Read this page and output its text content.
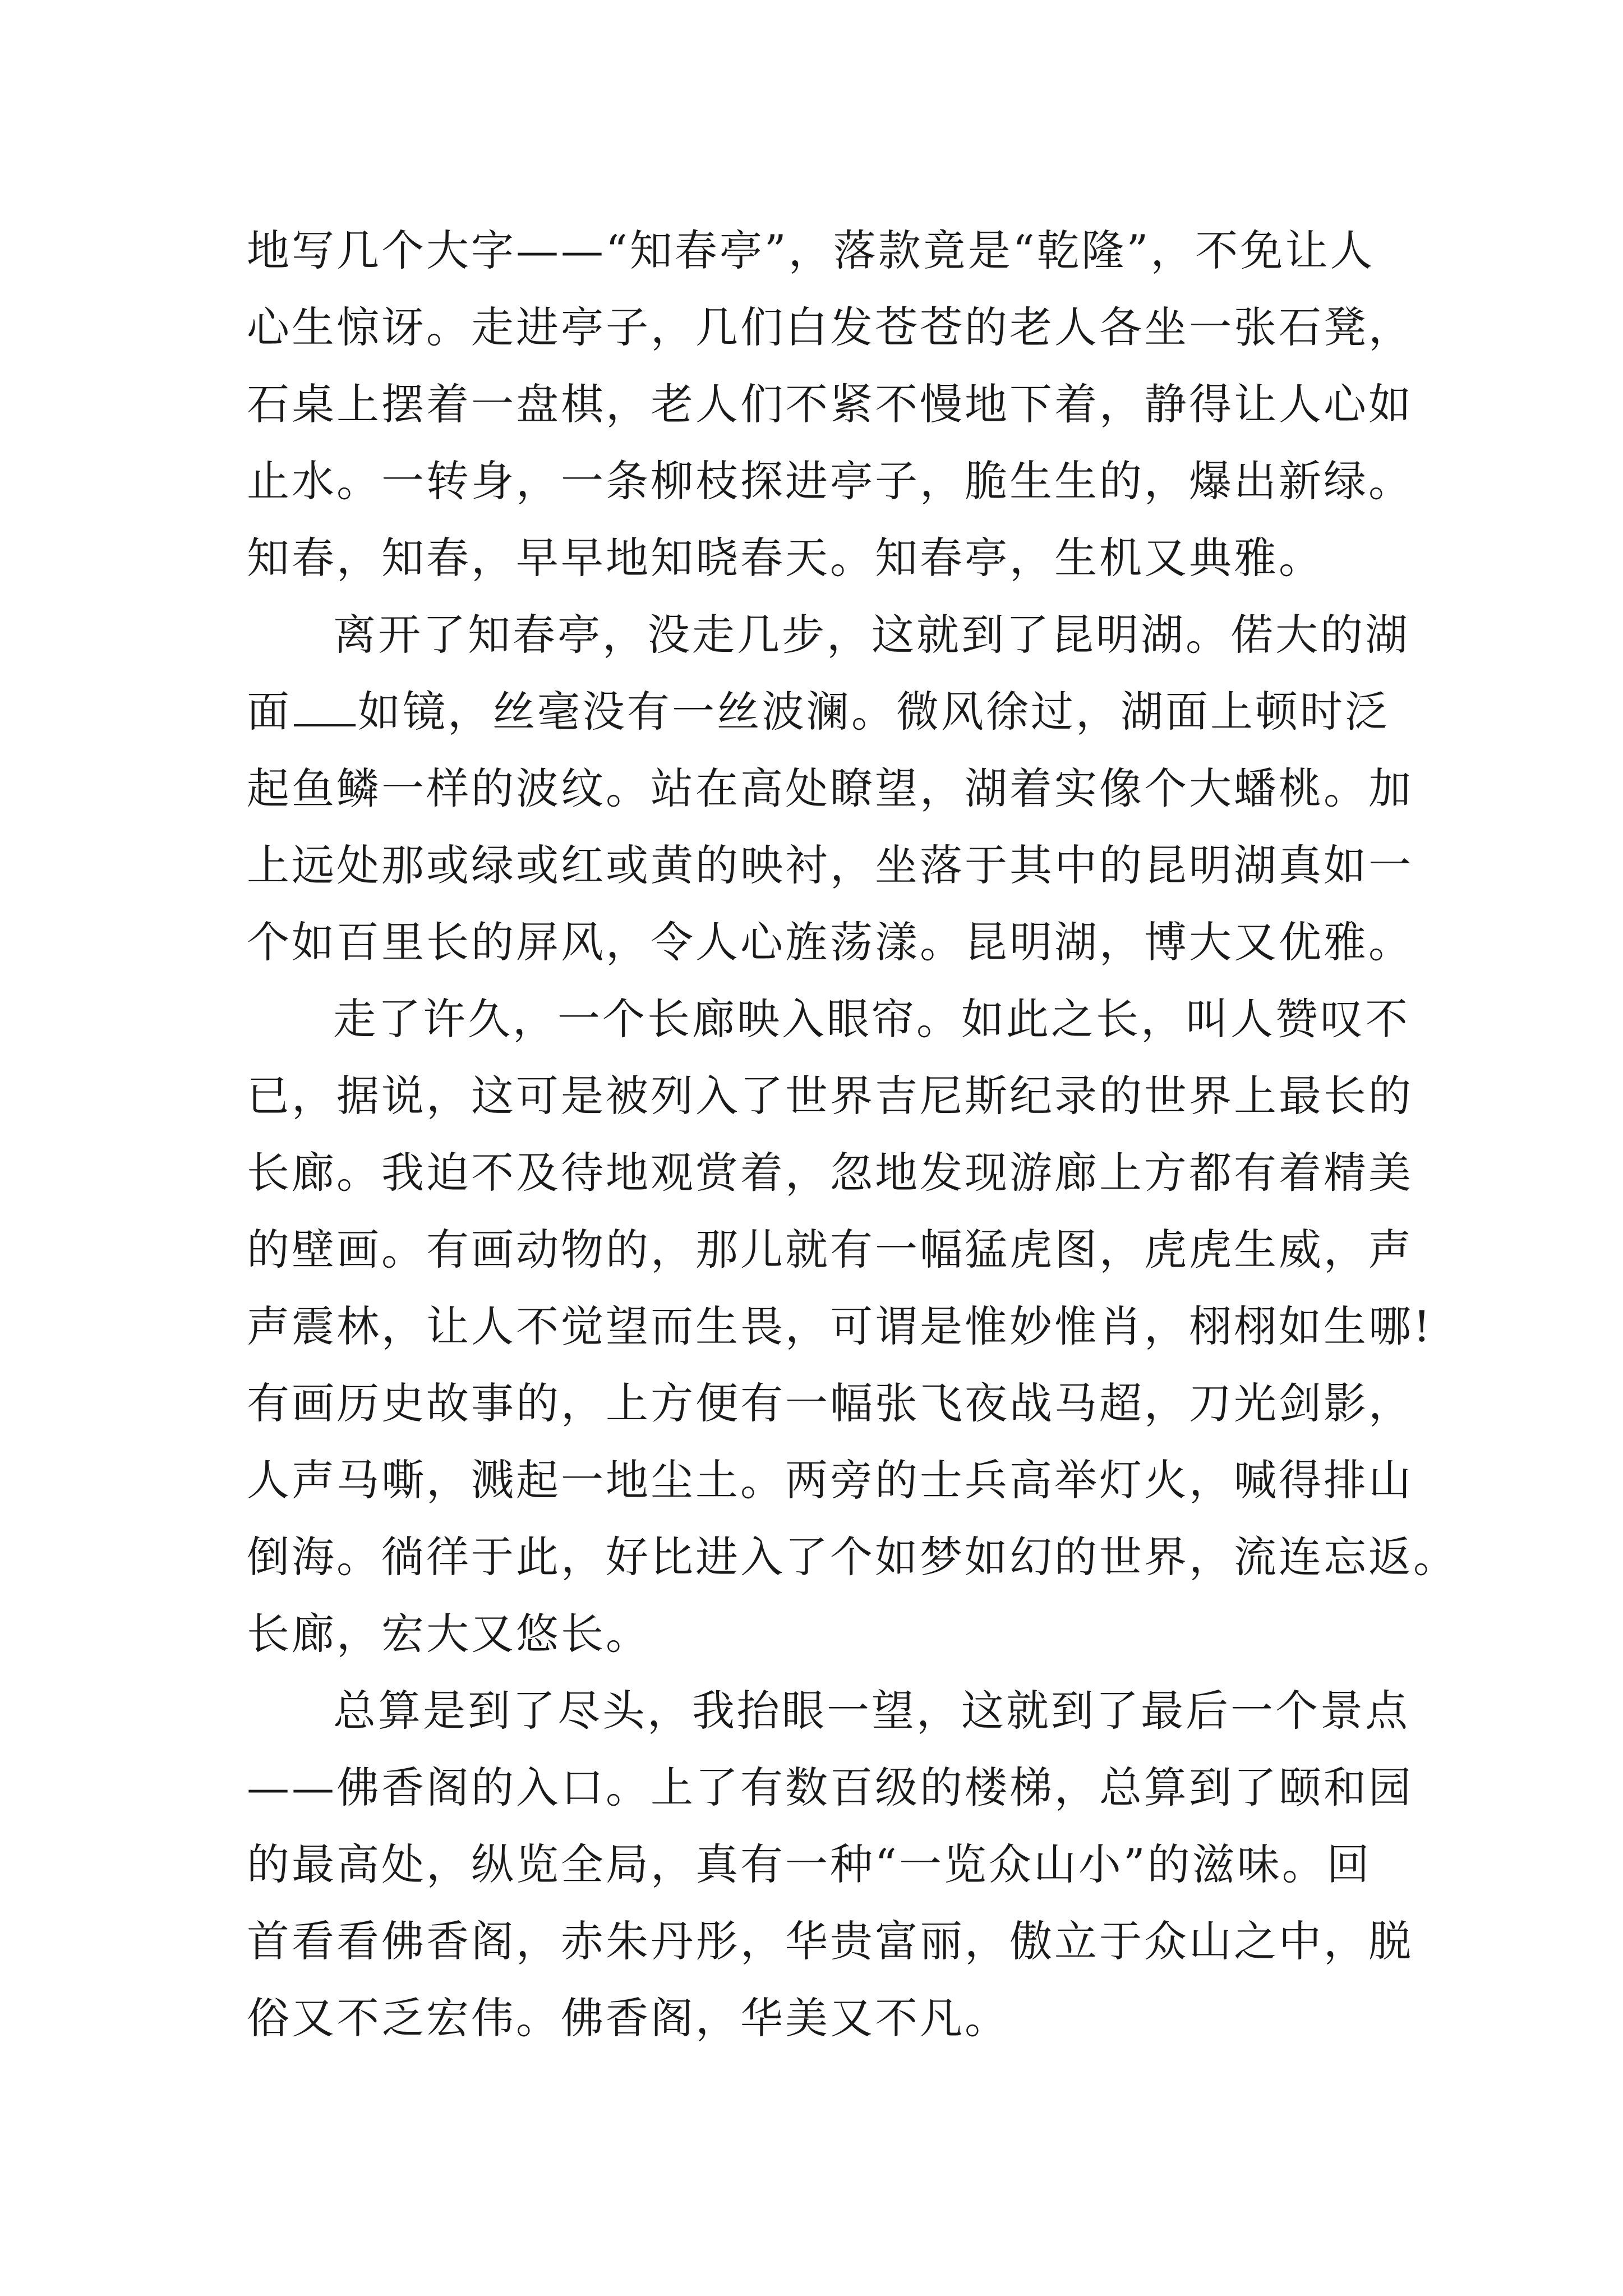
地写几个大字——“知春亭”，落款竟是“乾隆”，不免让人
心生惊讶。走进亭子，几们白发苍苍的老人各坐一张石凳，
石桌上摆着一盘棋，老人们不紧不慢地下着，静得让人心如
止水。一转身，一条柳枝探进亭子，脆生生的，爆出新绿。
知春，知春，早早地知晓春天。知春亭，生机又典雅。
离开了知春亭，没走几步，这就到了昆明湖。偌大的湖
面 如镜，丝毫没有一丝波澜。微风徐过，湖面上顿时泛
起鱼鳞一样的波纹。站在高处瞭望，湖着实像个大蟠桃。加
上远处那或绿或红或黄的映衬，坐落于其中的昆明湖真如一
个如百里长的屏风，令人心旌荡漾。昆明湖，博大又优雅。
走了许久，一个长廊映入眼帘。如此之长，叫人赞叹不
已，据说，这可是被列入了世界吉尼斯纪录的世界上最长的
长廊。我迫不及待地观赏着，忽地发现游廊上方都有着精美
的壁画。有画动物的，那儿就有一幅猛虎图，虎虎生威，声
声震林，让人不觉望而生畏，可谓是惟妙惟肖，栩栩如生哪!
有画历史故事的，上方便有一幅张飞夜战马超，刀光剑影，
人声马嘶，溅起一地尘土。两旁的士兵高举灯火，喊得排山
倒海。徜徉于此，好比进入了个如梦如幻的世界，流连忘返。
长廊，宏大又悠长。
总算是到了尽头，我抬眼一望，这就到了最后一个景点
——佛香阁的入口。上了有数百级的楼梯，总算到了颐和园
的最高处，纵览全局，真有一种“一览众山小”的滋味。回
首看看佛香阁，赤朱丹彤，华贵富丽，傲立于众山之中，脱
俗又不乏宏伟。佛香阁，华美又不凡。
